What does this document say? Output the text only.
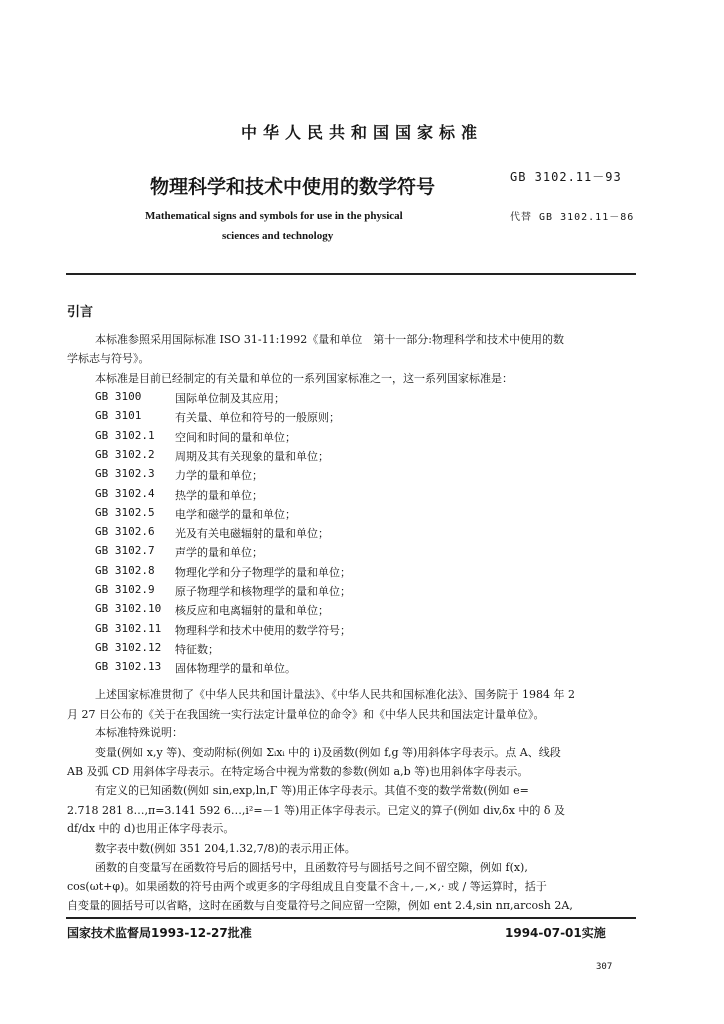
中华人民共和国国家标准
物理科学和技术中使用的数学符号	GB 3102.11－93
代替 GB 3102.11－86
Mathematical signs and symbols for use in the physical
sciences and technology
引言
本标准参照采用国际标准 ISO 31-11:1992《量和单位　第十一部分:物理科学和技术中使用的数
学标志与符号》。
本标准是目前已经制定的有关量和单位的一系列国家标准之一，这一系列国家标准是：
GB 3100	国际单位制及其应用；
GB 3101	有关量、单位和符号的一般原则；
GB 3102.1 空间和时间的量和单位；
GB 3102.2 周期及其有关现象的量和单位；
GB 3102.3 力学的量和单位；
GB 3102.4 热学的量和单位；
GB 3102.5 电学和磁学的量和单位；
GB 3102.6 光及有关电磁辐射的量和单位；
GB 3102.7 声学的量和单位；
GB 3102.8 物理化学和分子物理学的量和单位；
GB 3102.9 原子物理学和核物理学的量和单位；
GB 3102.10 核反应和电离辐射的量和单位；
GB 3102.11 物理科学和技术中使用的数学符号；
GB 3102.12 特征数；
GB 3102.13 固体物理学的量和单位。
上述国家标准贯彻了《中华人民共和国计量法》、《中华人民共和国标准化法》、国务院于 1984 年 2
月 27 日公布的《关于在我国统一实行法定计量单位的命令》和《中华人民共和国法定计量单位》。
本标准特殊说明：
变量(例如 x,y 等)、变动附标(例如 Σᵢxᵢ 中的 i)及函数(例如 f,g 等)用斜体字母表示。点 A、线段
AB 及弧 CD 用斜体字母表示。在特定场合中视为常数的参数(例如 a,b 等)也用斜体字母表示。
有定义的已知函数(例如 sin,exp,ln,Γ 等)用正体字母表示。其值不变的数学常数(例如 e=
2.718 281 8…,π=3.141 592 6…,i²=－1 等)用正体字母表示。已定义的算子(例如 div,δx 中的 δ 及
df/dx 中的 d)也用正体字母表示。
数字表中数(例如 351 204,1.32,7/8)的表示用正体。
函数的自变量写在函数符号后的圆括号中，且函数符号与圆括号之间不留空隙，例如 f(x),
cos(ωt+φ)。如果函数的符号由两个或更多的字母组成且自变量不含＋,－,×,· 或 / 等运算时，括于
自变量的圆括号可以省略，这时在函数与自变量符号之间应留一空隙，例如 ent 2.4,sin nπ,arcosh 2A,
国家技术监督局1993-12-27批准	1994-07-01实施
307
